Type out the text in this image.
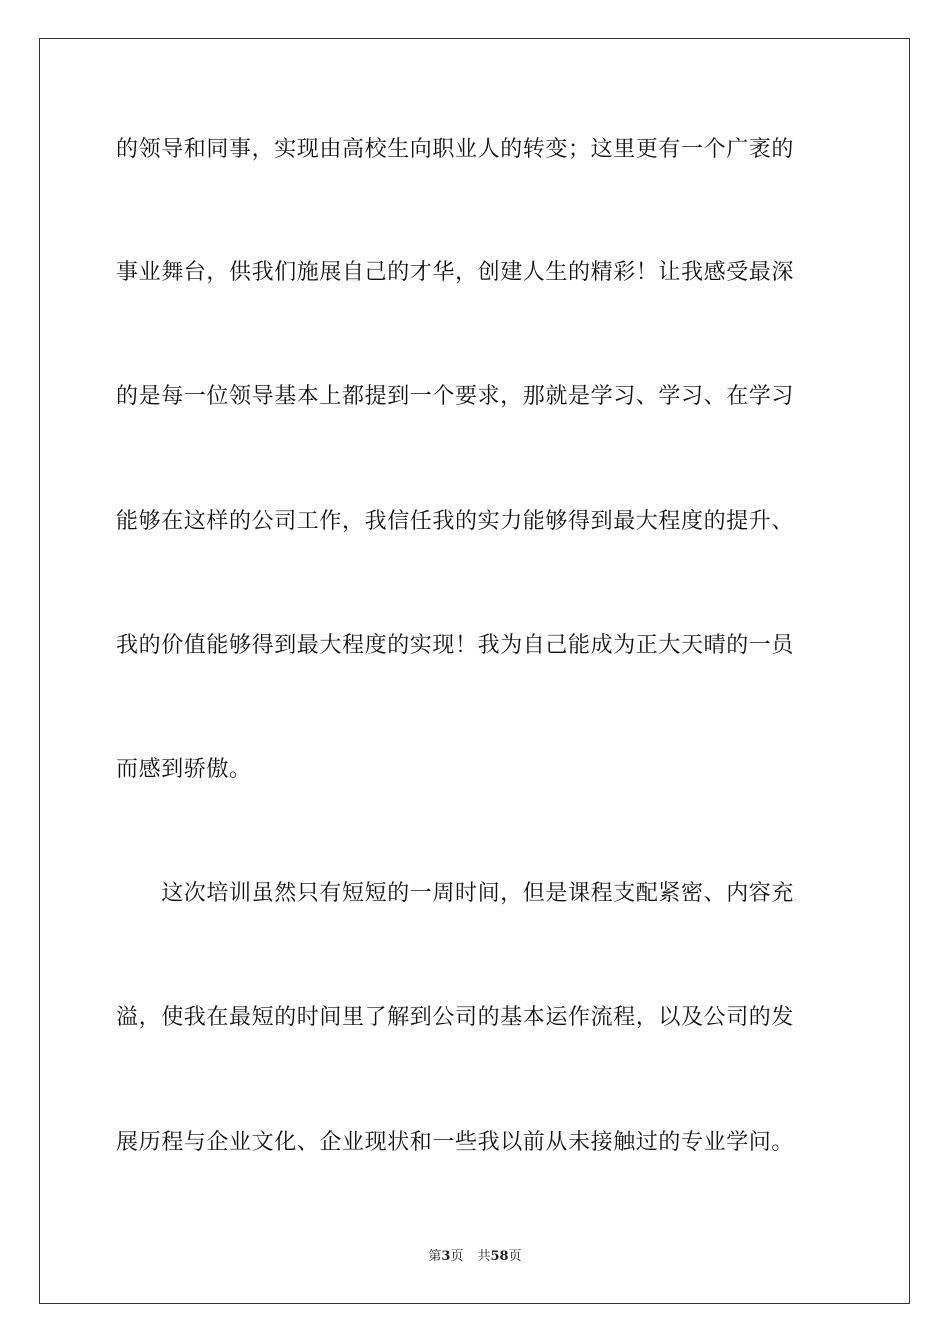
的领导和同事，实现由高校生向职业人的转变；这里更有一个广袤的
事业舞台，供我们施展自己的才华，创建人生的精彩！让我感受最深
的是每一位领导基本上都提到一个要求，那就是学习、学习、在学习
能够在这样的公司工作，我信任我的实力能够得到最大程度的提升、
我的价值能够得到最大程度的实现！我为自己能成为正大天晴的一员
而感到骄傲。
　　这次培训虽然只有短短的一周时间，但是课程支配紧密、内容充
溢，使我在最短的时间里了解到公司的基本运作流程，以及公司的发
展历程与企业文化、企业现状和一些我以前从未接触过的专业学问。
第3页 共58页
